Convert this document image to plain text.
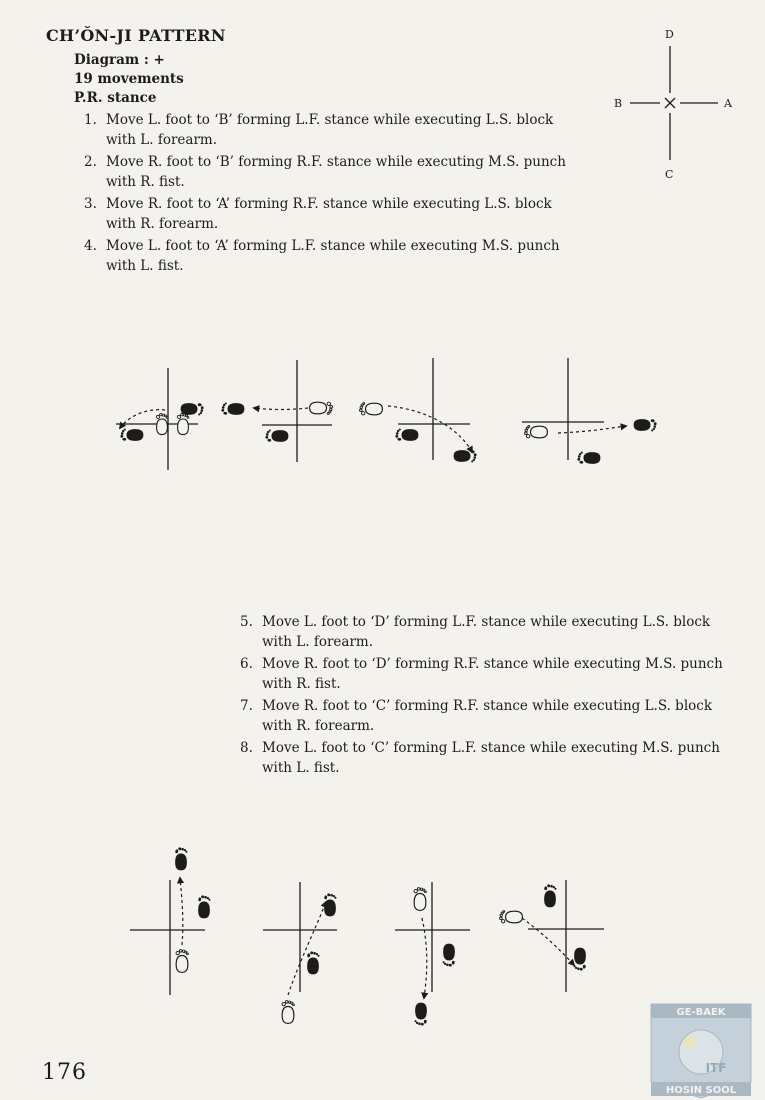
CH’ŎN-JI PATTERN
Diagram : +
19 movements
P.R. stance
1. Move L. foot to ‘B’ forming L.F. stance while executing L.S. block
with L. forearm.
2. Move R. foot to ‘B’ forming R.F. stance while executing M.S. punch
with R. fist.
3. Move R. foot to ‘A’ forming R.F. stance while executing L.S. block
with R. forearm.
4. Move L. foot to ‘A’ forming L.F. stance while executing M.S. punch
with L. fist.
5. Move L. foot to ‘D’ forming L.F. stance while executing L.S. block
with L. forearm.
6. Move R. foot to ‘D’ forming R.F. stance while executing M.S. punch
with R. fist.
7. Move R. foot to ‘C’ forming R.F. stance while executing L.S. block
with R. forearm.
8. Move L. foot to ‘C’ forming L.F. stance while executing M.S. punch
with L. fist.
D
B	A
C
GE-BAEK
ITF
HOSIN SOOL
176
